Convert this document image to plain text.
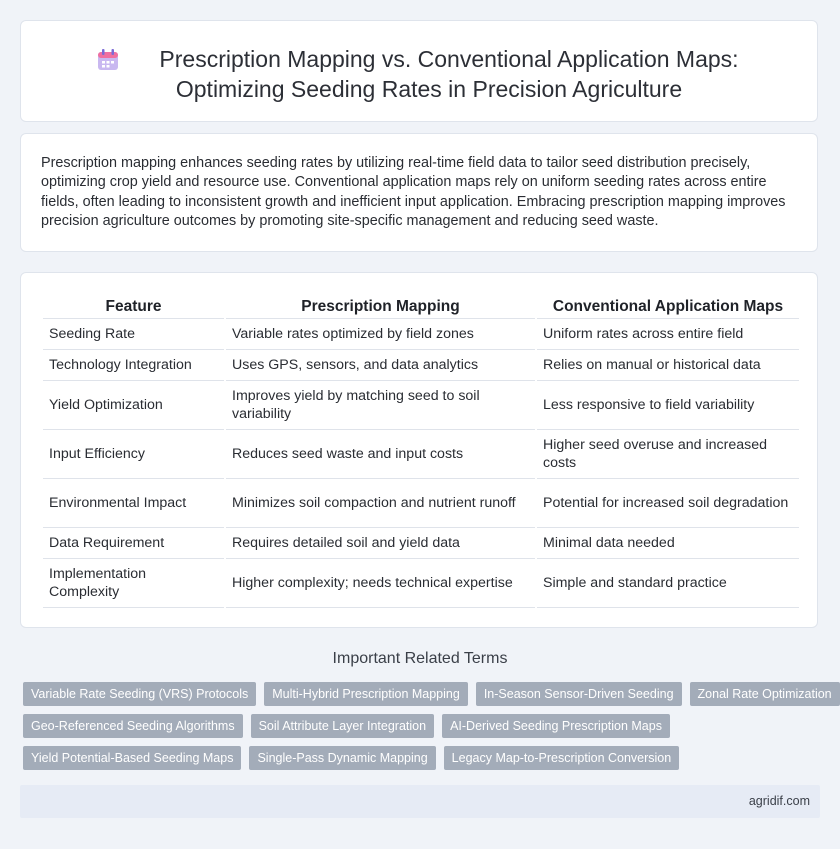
Prescription Mapping vs. Conventional Application Maps:
Optimizing Seeding Rates in Precision Agriculture

Prescription mapping enhances seeding rates by utilizing real-time field data to tailor seed distribution precisely, optimizing crop yield and resource use. Conventional application maps rely on uniform seeding rates across entire fields, often leading to inconsistent growth and inefficient input application. Embracing prescription mapping improves precision agriculture outcomes by promoting site-specific management and reducing seed waste.

Feature	Prescription Mapping	Conventional Application Maps
Seeding Rate	Variable rates optimized by field zones	Uniform rates across entire field
Technology Integration	Uses GPS, sensors, and data analytics	Relies on manual or historical data
Yield Optimization	Improves yield by matching seed to soil variability	Less responsive to field variability
Input Efficiency	Reduces seed waste and input costs	Higher seed overuse and increased costs
Environmental Impact	Minimizes soil compaction and nutrient runoff	Potential for increased soil degradation
Data Requirement	Requires detailed soil and yield data	Minimal data needed
Implementation Complexity	Higher complexity; needs technical expertise	Simple and standard practice
Important Related Terms
Variable Rate Seeding (VRS) Protocols	Multi-Hybrid Prescription Mapping	In-Season Sensor-Driven Seeding	Zonal Rate Optimization
Geo-Referenced Seeding Algorithms	Soil Attribute Layer Integration	AI-Derived Seeding Prescription Maps
Yield Potential-Based Seeding Maps	Single-Pass Dynamic Mapping	Legacy Map-to-Prescription Conversion
agridif.com
